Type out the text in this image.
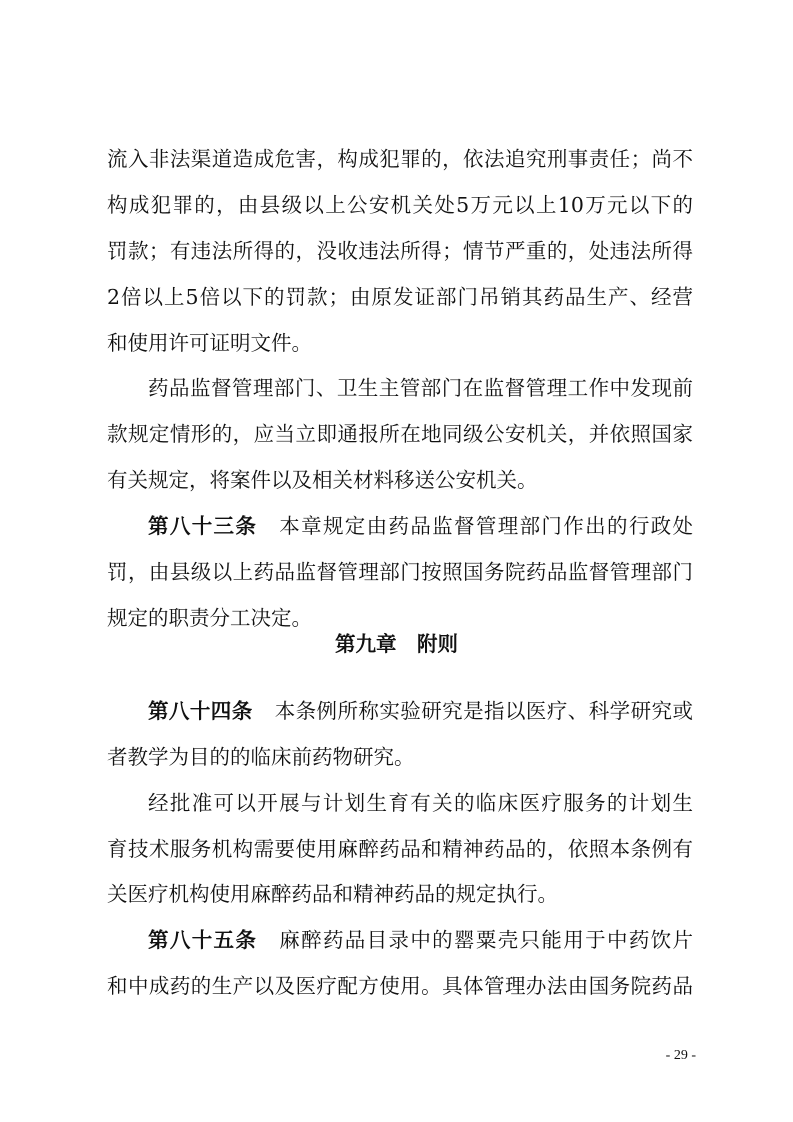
流入非法渠道造成危害，构成犯罪的，依法追究刑事责任；尚不
构成犯罪的，由县级以上公安机关处5万元以上10万元以下的
罚款；有违法所得的，没收违法所得；情节严重的，处违法所得
2倍以上5倍以下的罚款；由原发证部门吊销其药品生产、经营
和使用许可证明文件。
药品监督管理部门、卫生主管部门在监督管理工作中发现前
款规定情形的，应当立即通报所在地同级公安机关，并依照国家
有关规定，将案件以及相关材料移送公安机关。
第八十三条 本章规定由药品监督管理部门作出的行政处
罚，由县级以上药品监督管理部门按照国务院药品监督管理部门
规定的职责分工决定。
第九章　附则
第八十四条 本条例所称实验研究是指以医疗、科学研究或
者教学为目的的临床前药物研究。
经批准可以开展与计划生育有关的临床医疗服务的计划生
育技术服务机构需要使用麻醉药品和精神药品的，依照本条例有
关医疗机构使用麻醉药品和精神药品的规定执行。
第八十五条 麻醉药品目录中的罂粟壳只能用于中药饮片
和中成药的生产以及医疗配方使用。具体管理办法由国务院药品
- 29 -
